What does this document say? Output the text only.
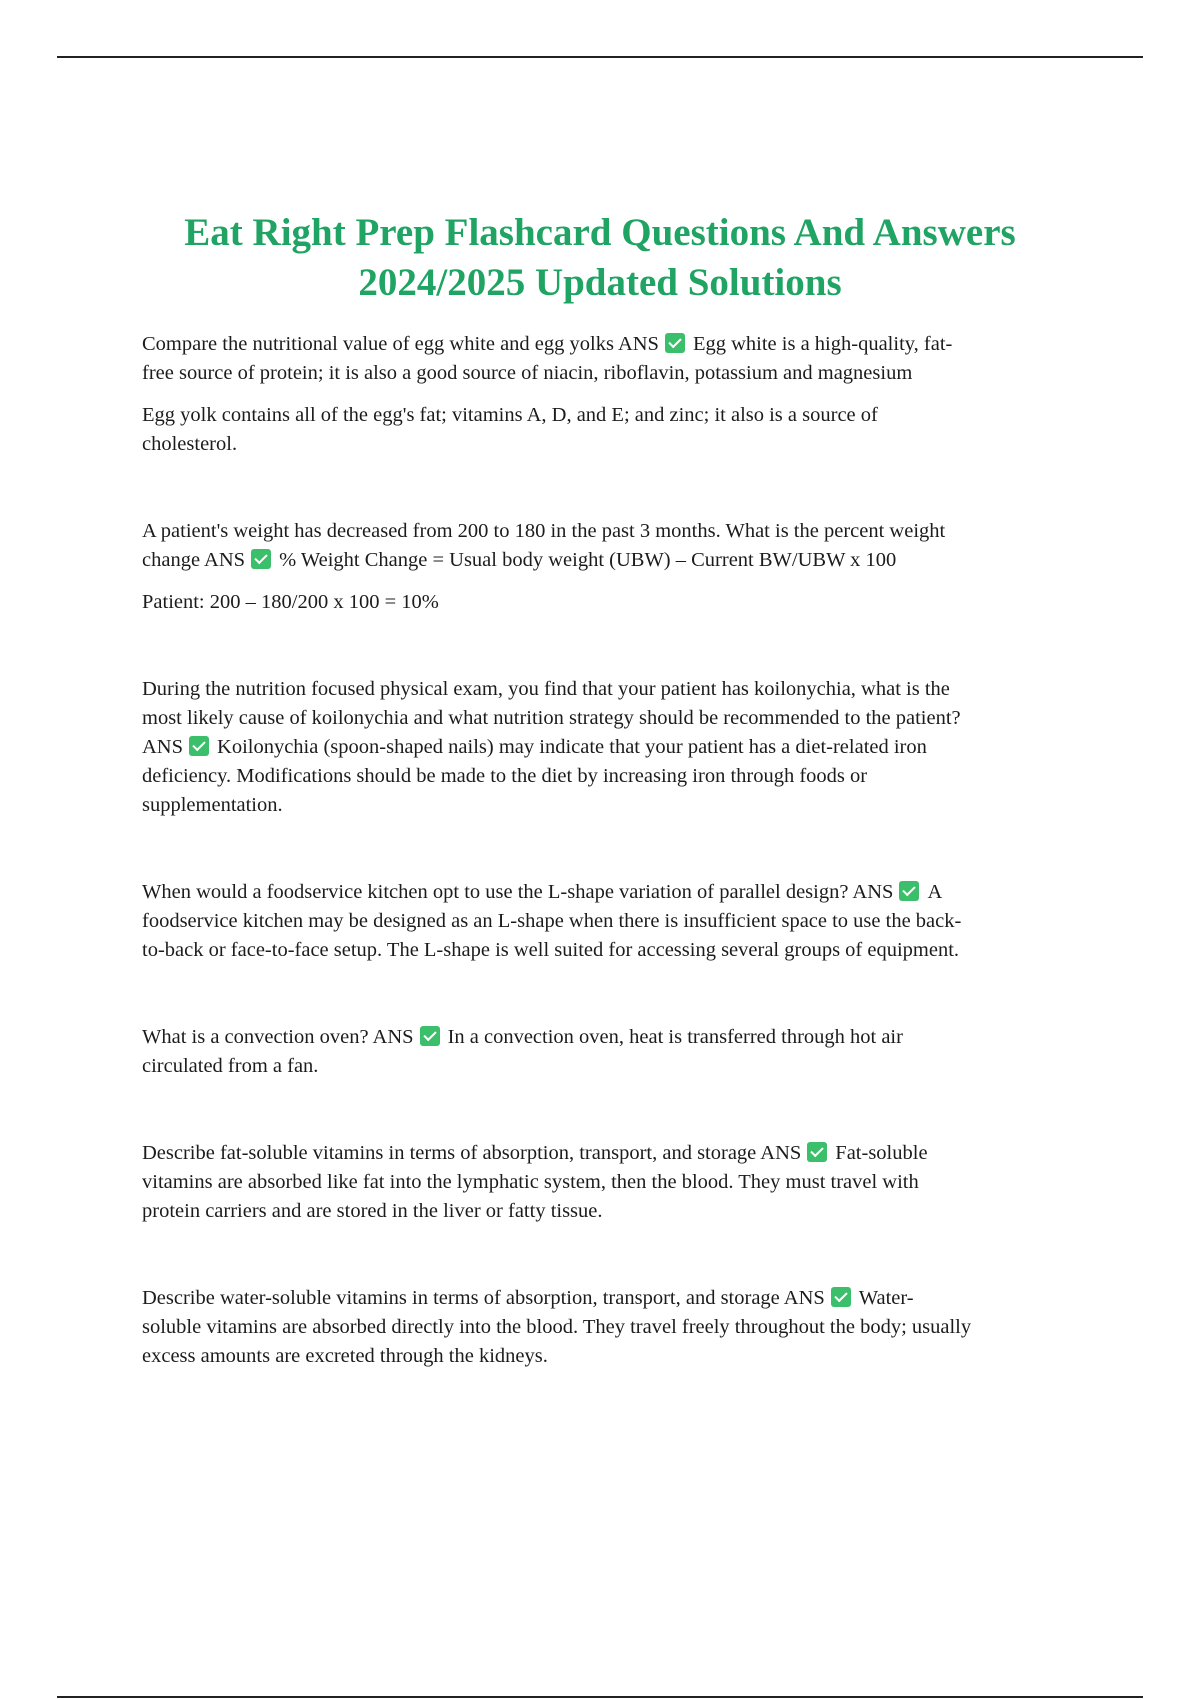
Eat Right Prep Flashcard Questions And Answers
2024/2025 Updated Solutions

Compare the nutritional value of egg white and egg yolks ANS Egg white is a high-quality, fat-
free source of protein; it is also a good source of niacin, riboflavin, potassium and magnesium

Egg yolk contains all of the egg's fat; vitamins A, D, and E; and zinc; it also is a source of
cholesterol.

A patient's weight has decreased from 200 to 180 in the past 3 months. What is the percent weight
change ANS % Weight Change = Usual body weight (UBW) – Current BW/UBW x 100

Patient: 200 – 180/200 x 100 = 10%

During the nutrition focused physical exam, you find that your patient has koilonychia, what is the
most likely cause of koilonychia and what nutrition strategy should be recommended to the patient?
ANS Koilonychia (spoon-shaped nails) may indicate that your patient has a diet-related iron
deficiency. Modifications should be made to the diet by increasing iron through foods or
supplementation.

When would a foodservice kitchen opt to use the L-shape variation of parallel design? ANS A
foodservice kitchen may be designed as an L-shape when there is insufficient space to use the back-
to-back or face-to-face setup. The L-shape is well suited for accessing several groups of equipment.

What is a convection oven? ANS In a convection oven, heat is transferred through hot air
circulated from a fan.

Describe fat-soluble vitamins in terms of absorption, transport, and storage ANS Fat-soluble
vitamins are absorbed like fat into the lymphatic system, then the blood. They must travel with
protein carriers and are stored in the liver or fatty tissue.

Describe water-soluble vitamins in terms of absorption, transport, and storage ANS Water-
soluble vitamins are absorbed directly into the blood. They travel freely throughout the body; usually
excess amounts are excreted through the kidneys.
